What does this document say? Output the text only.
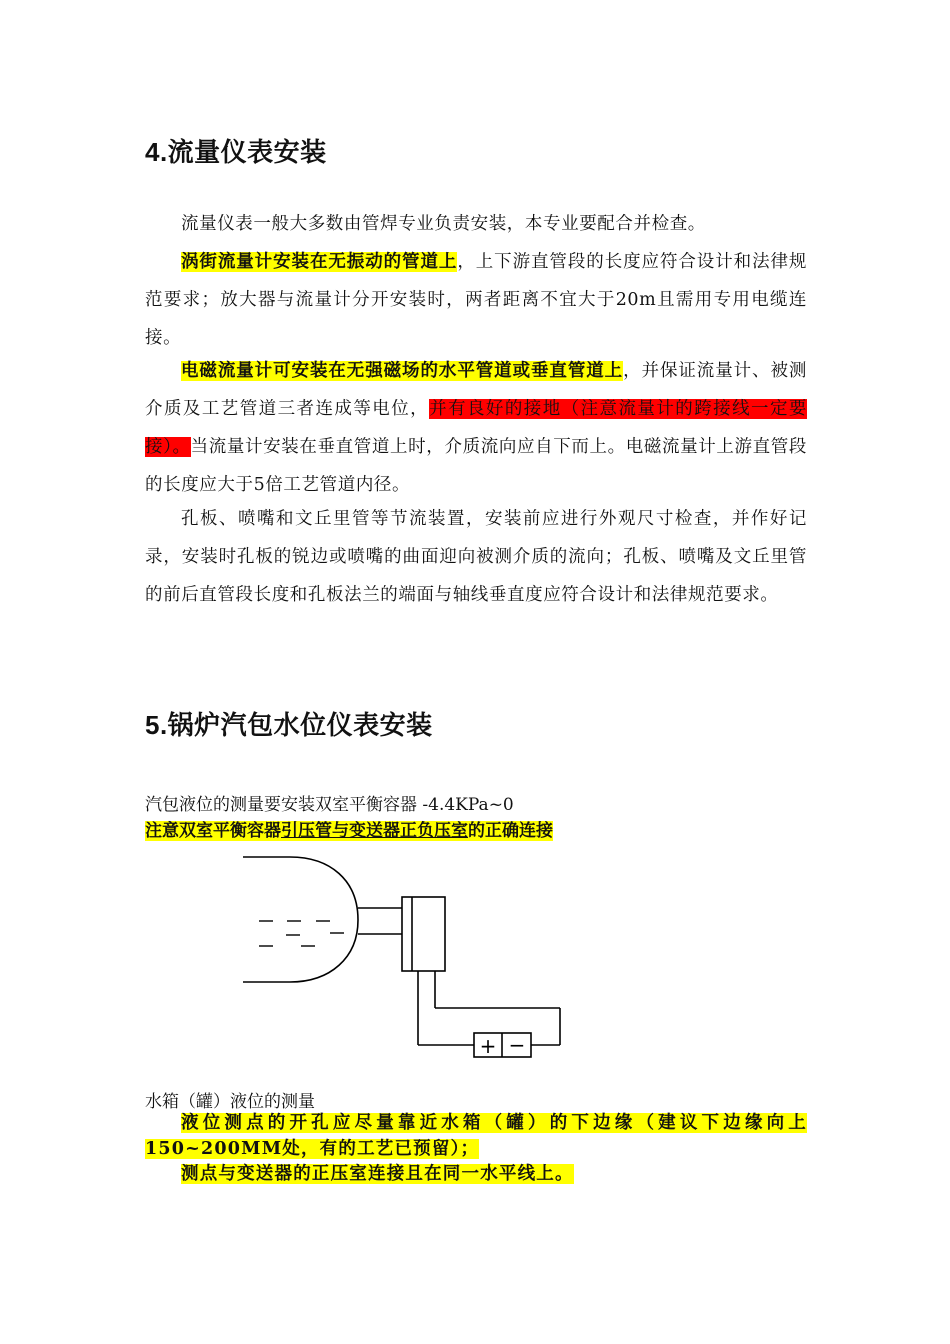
4.流量仪表安装

流量仪表一般大多数由管焊专业负责安装，本专业要配合并检查。

涡街流量计安装在无振动的管道上，上下游直管段的长度应符合设计和法律规范要求；放大器与流量计分开安装时，两者距离不宜大于20m且需用专用电缆连接。

电磁流量计可安装在无强磁场的水平管道或垂直管道上，并保证流量计、被测介质及工艺管道三者连成等电位，并有良好的接地（注意流量计的跨接线一定要接）。当流量计安装在垂直管道上时，介质流向应自下而上。电磁流量计上游直管段的长度应大于5倍工艺管道内径。

孔板、喷嘴和文丘里管等节流装置，安装前应进行外观尺寸检查，并作好记录，安装时孔板的锐边或喷嘴的曲面迎向被测介质的流向；孔板、喷嘴及文丘里管的前后直管段长度和孔板法兰的端面与轴线垂直度应符合设计和法律规范要求。

5.锅炉汽包水位仪表安装
汽包液位的测量要安装双室平衡容器 -4.4KPa~0
注意双室平衡容器引压管与变送器正负压室的正确连接
+ −
水箱（罐）液位的测量

液位测点的开孔应尽量靠近水箱（罐）的下边缘（建议下边缘向上150~200MM处，有的工艺已预留）；

测点与变送器的正压室连接且在同一水平线上。
